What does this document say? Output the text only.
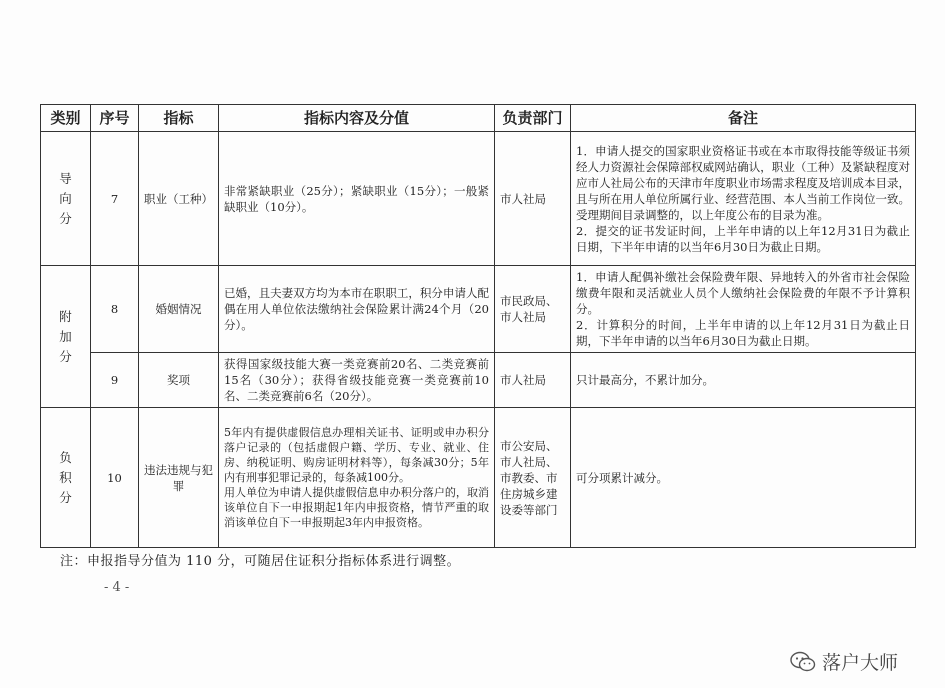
类别	序号	指标	指标内容及分值	负责部门	备注
导向分	7	职业（工种）	非常紧缺职业（25分）；紧缺职业（15分）；一般紧缺职业（10分）。	市人社局	1．申请人提交的国家职业资格证书或在本市取得技能等级证书须经人力资源社会保障部权威网站确认，职业（工种）及紧缺程度对应市人社局公布的天津市年度职业市场需求程度及培训成本目录，且与所在用人单位所属行业、经营范围、本人当前工作岗位一致。受理期间目录调整的，以上年度公布的目录为准。
2．提交的证书发证时间，上半年申请的以上年12月31日为截止日期，下半年申请的以当年6月30日为截止日期。
附加分	8	婚姻情况	已婚，且夫妻双方均为本市在职职工，积分申请人配偶在用人单位依法缴纳社会保险累计满24个月（20分）。	市民政局、市人社局	1．申请人配偶补缴社会保险费年限、异地转入的外省市社会保险缴费年限和灵活就业人员个人缴纳社会保险费的年限不予计算积分。
2．计算积分的时间，上半年申请的以上年12月31日为截止日期，下半年申请的以当年6月30日为截止日期。
	9	奖项	获得国家级技能大赛一类竞赛前20名、二类竞赛前15名（30分）；获得省级技能竞赛一类竞赛前10名、二类竞赛前6名（20分）。	市人社局	只计最高分，不累计加分。
负积分	10	违法违规与犯罪	5年内有提供虚假信息办理相关证书、证明或申办积分落户记录的（包括虚假户籍、学历、专业、就业、住房、纳税证明、购房证明材料等），每条减30分；5年内有刑事犯罪记录的，每条减100分。
用人单位为申请人提供虚假信息申办积分落户的，取消该单位自下一申报期起1年内申报资格，情节严重的取消该单位自下一申报期起3年内申报资格。	市公安局、市人社局、市教委、市住房城乡建设委等部门	可分项累计减分。
注：申报指导分值为 110 分，可随居住证积分指标体系进行调整。
- 4 -
落户大师
